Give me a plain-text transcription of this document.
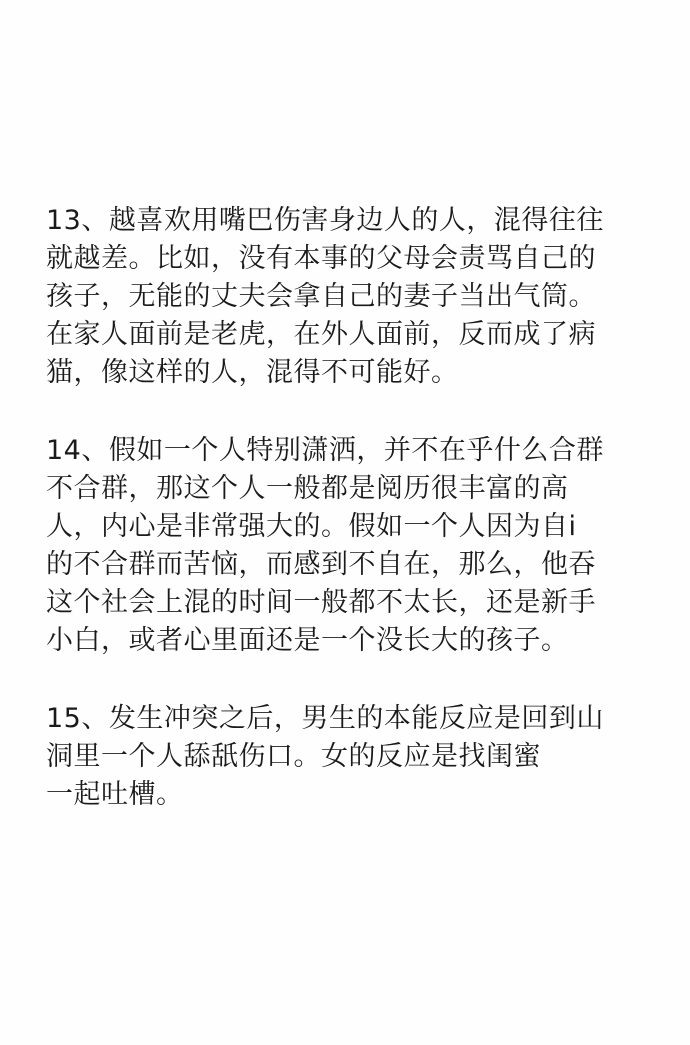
13、越喜欢用嘴巴伤害身边人的人，混得往往
就越差。比如，没有本事的父母会责骂自己的
孩子，无能的丈夫会拿自己的妻子当出气筒。
在家人面前是老虎，在外人面前，反而成了病
猫，像这样的人，混得不可能好。

14、假如一个人特别潇洒，并不在乎什么合群
不合群，那这个人一般都是阅历很丰富的高
人，内心是非常强大的。假如一个人因为自i
的不合群而苦恼，而感到不自在，那么，他吞
这个社会上混的时间一般都不太长，还是新手
小白，或者心里面还是一个没长大的孩子。

15、发生冲突之后，男生的本能反应是回到山
洞里一个人舔舐伤口。女的反应是找闺蜜
一起吐槽。
